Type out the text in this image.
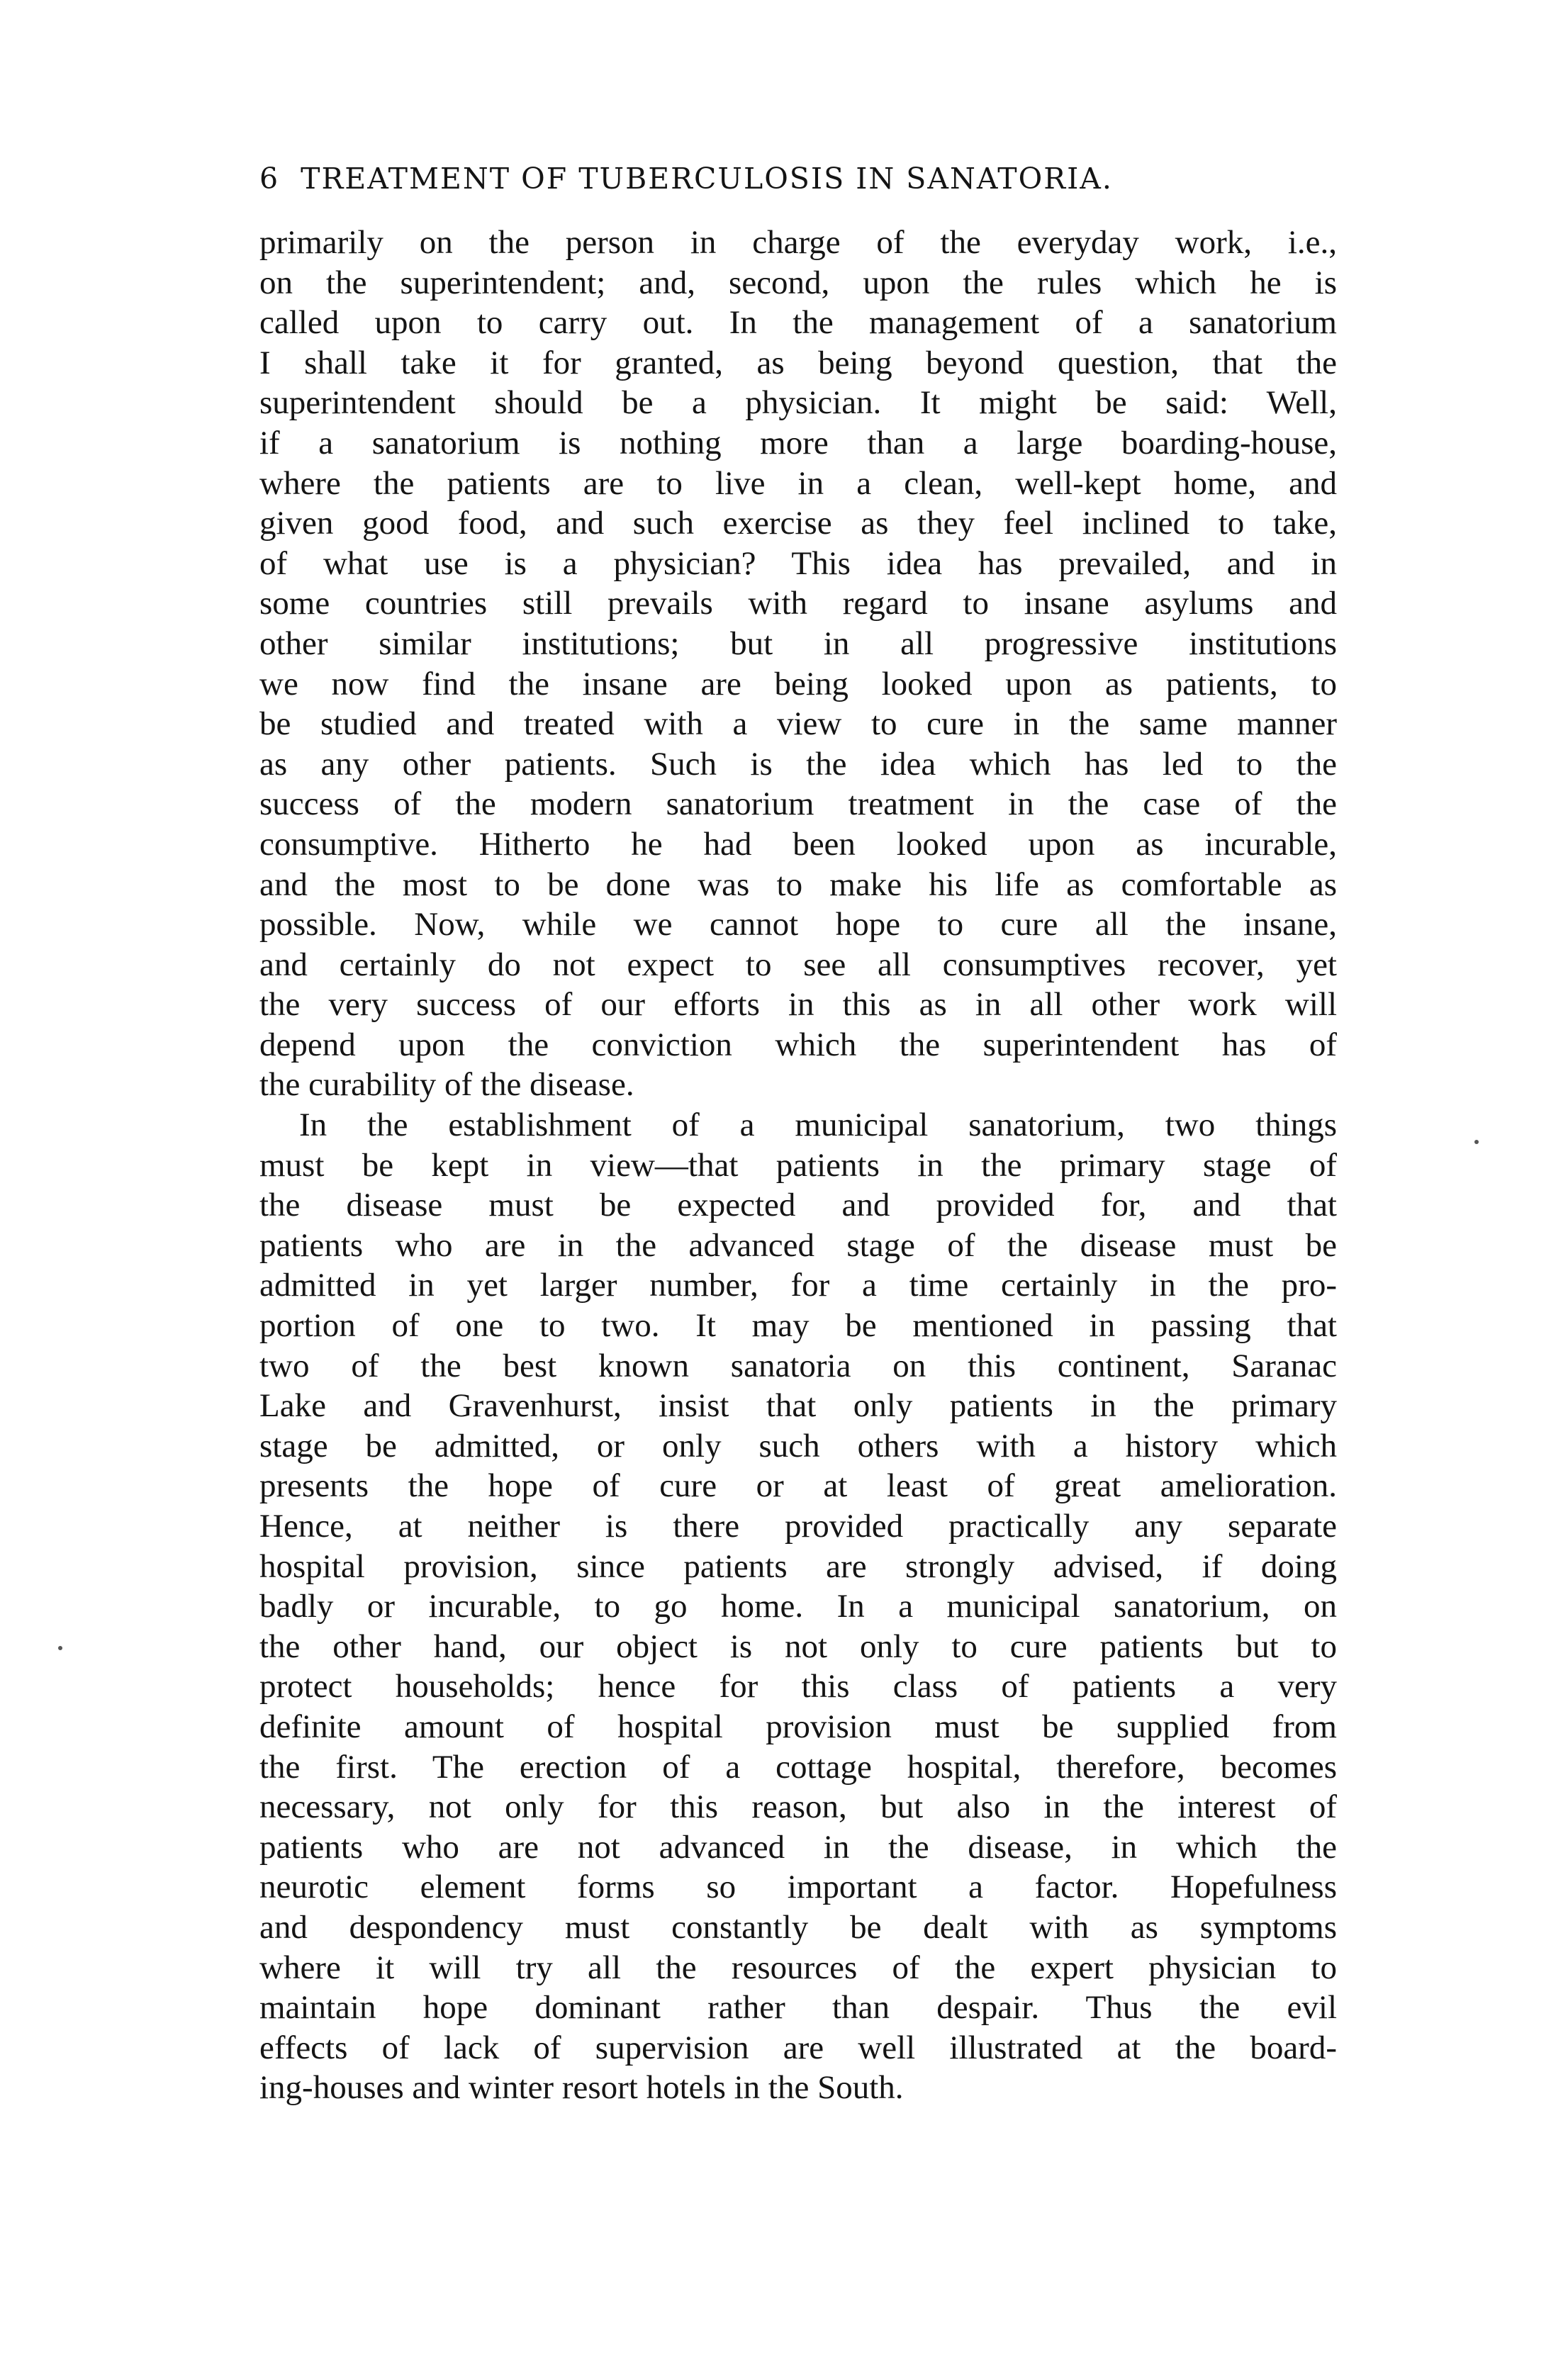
6 TREATMENT OF TUBERCULOSIS IN SANATORIA.
primarily on the person in charge of the everyday work, i.e.,
on the superintendent; and, second, upon the rules which he is
called upon to carry out. In the management of a sanatorium
I shall take it for granted, as being beyond question, that the
superintendent should be a physician. It might be said: Well,
if a sanatorium is nothing more than a large boarding-house,
where the patients are to live in a clean, well-kept home, and
given good food, and such exercise as they feel inclined to take,
of what use is a physician? This idea has prevailed, and in
some countries still prevails with regard to insane asylums and
other similar institutions; but in all progressive institutions
we now find the insane are being looked upon as patients, to
be studied and treated with a view to cure in the same manner
as any other patients. Such is the idea which has led to the
success of the modern sanatorium treatment in the case of the
consumptive. Hitherto he had been looked upon as incurable,
and the most to be done was to make his life as comfortable as
possible. Now, while we cannot hope to cure all the insane,
and certainly do not expect to see all consumptives recover, yet
the very success of our efforts in this as in all other work will
depend upon the conviction which the superintendent has of
the curability of the disease.
In the establishment of a municipal sanatorium, two things
must be kept in view—that patients in the primary stage of
the disease must be expected and provided for, and that
patients who are in the advanced stage of the disease must be
admitted in yet larger number, for a time certainly in the pro-
portion of one to two. It may be mentioned in passing that
two of the best known sanatoria on this continent, Saranac
Lake and Gravenhurst, insist that only patients in the primary
stage be admitted, or only such others with a history which
presents the hope of cure or at least of great amelioration.
Hence, at neither is there provided practically any separate
hospital provision, since patients are strongly advised, if doing
badly or incurable, to go home. In a municipal sanatorium, on
the other hand, our object is not only to cure patients but to
protect households; hence for this class of patients a very
definite amount of hospital provision must be supplied from
the first. The erection of a cottage hospital, therefore, becomes
necessary, not only for this reason, but also in the interest of
patients who are not advanced in the disease, in which the
neurotic element forms so important a factor. Hopefulness
and despondency must constantly be dealt with as symptoms
where it will try all the resources of the expert physician to
maintain hope dominant rather than despair. Thus the evil
effects of lack of supervision are well illustrated at the board-
ing-houses and winter resort hotels in the South.
